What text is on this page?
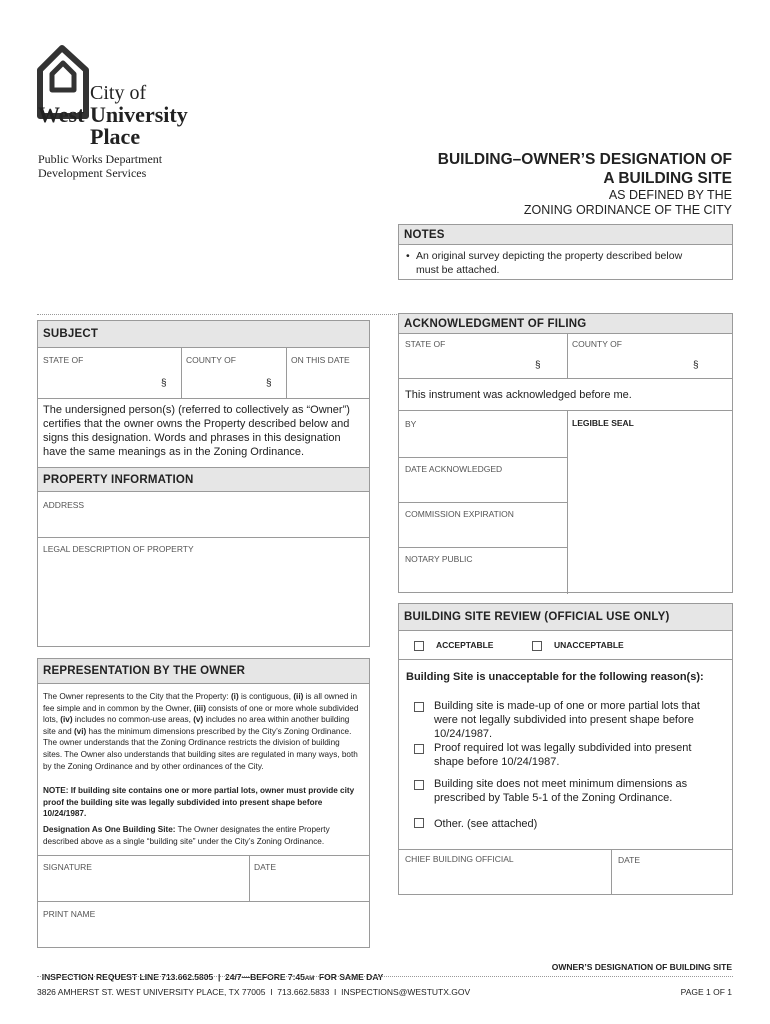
City of
West University
Place
Public Works Department
Development Services
BUILDING–OWNER’S DESIGNATION OF
A BUILDING SITE
AS DEFINED BY THE
ZONING ORDINANCE OF THE CITY
NOTES
• An original survey depicting the property described below
must be attached.
SUBJECT
STATE OF	COUNTY OF	ON THIS DATE
§	§
The undersigned person(s) (referred to collectively as “Owner”) certifies that the owner owns the Property described below and signs this designation. Words and phrases in this designation have the same meanings as in the Zoning Ordinance.
PROPERTY INFORMATION
ADDRESS
LEGAL DESCRIPTION OF PROPERTY
REPRESENTATION BY THE OWNER
The Owner represents to the City that the Property: (i) is contiguous, (ii) is all owned in fee simple and in common by the Owner, (iii) consists of one or more whole subdivided lots, (iv) includes no common-use areas, (v) includes no area within another building site and (vi) has the minimum dimensions prescribed by the City’s Zoning Ordinance. The owner understands that the Zoning Ordinance restricts the division of building sites. The Owner also understands that building sites are regulated in many ways, both by the Zoning Ordinance and by other ordinances of the City.
NOTE: If building site contains one or more partial lots, owner must provide city proof the building site was legally subdivided into present shape before 10/24/1987.
Designation As One Building Site: The Owner designates the entire Property described above as a single “building site” under the City’s Zoning Ordinance.
SIGNATURE	DATE
PRINT NAME
ACKNOWLEDGMENT OF FILING
STATE OF	COUNTY OF
§	§
This instrument was acknowledged before me.
BY	LEGIBLE SEAL
DATE ACKNOWLEDGED
COMMISSION EXPIRATION
NOTARY PUBLIC
BUILDING SITE REVIEW (OFFICIAL USE ONLY)
ACCEPTABLE	UNACCEPTABLE
Building Site is unacceptable for the following reason(s):
Building site is made-up of one or more partial lots that
were not legally subdivided into present shape before
10/24/1987.
Proof required lot was legally subdivided into present
shape before 10/24/1987.
Building site does not meet minimum dimensions as
prescribed by Table 5-1 of the Zoning Ordinance.
Other. (see attached)
CHIEF BUILDING OFFICIAL	DATE

INSPECTION REQUEST LINE 713.662.5805  |  24/7—BEFORE 7:45AM  FOR SAME DAY

OWNER’S DESIGNATION OF BUILDING SITE
3826 AMHERST ST. WEST UNIVERSITY PLACE, TX 77005  I  713.662.5833  I  INSPECTIONS@WESTUTX.GOV	PAGE 1 OF 1
